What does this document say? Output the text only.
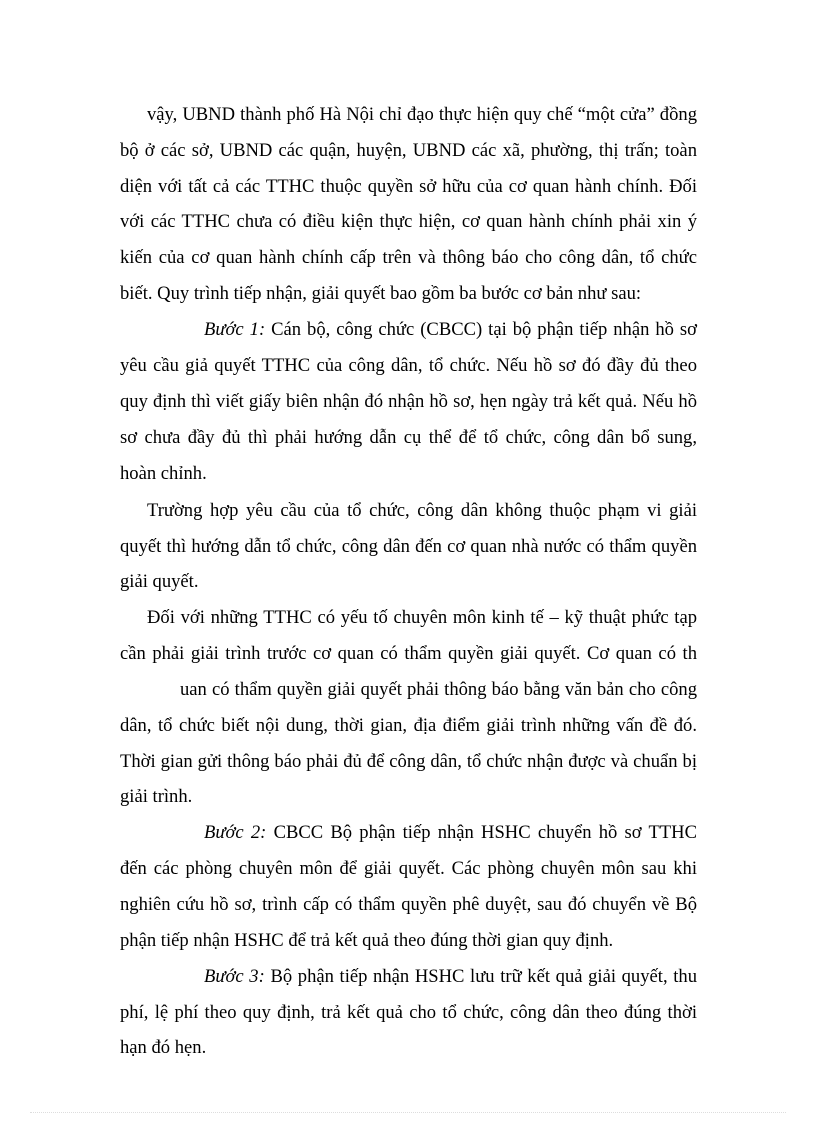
vậy, UBND thành phố Hà Nội chỉ đạo thực hiện quy chế “một cửa” đồng
bộ ở các sở, UBND các quận, huyện, UBND các xã, phường, thị trấn; toàn
diện với tất cả các TTHC thuộc quyền sở hữu của cơ quan hành chính. Đối
với các TTHC chưa có điều kiện thực hiện, cơ quan hành chính phải xin ý
kiến của cơ quan hành chính cấp trên và thông báo cho công dân, tổ chức
biết. Quy trình tiếp nhận, giải quyết bao gồm ba bước cơ bản như sau:
Bước 1: Cán bộ, công chức (CBCC) tại bộ phận tiếp nhận hồ sơ
yêu cầu giả quyết TTHC của công dân, tổ chức. Nếu hồ sơ đó đầy đủ theo
quy định thì viết giấy biên nhận đó nhận hồ sơ, hẹn ngày trả kết quả. Nếu hồ
sơ chưa đầy đủ thì phải hướng dẫn cụ thể để tổ chức, công dân bổ sung,
hoàn chỉnh.
Trường hợp yêu cầu của tổ chức, công dân không thuộc phạm vi giải
quyết thì hướng dẫn tổ chức, công dân đến cơ quan nhà nước có thẩm quyền
giải quyết.
Đối với những TTHC có yếu tố chuyên môn kinh tế – kỹ thuật phức tạp
cần phải giải trình trước cơ quan có thẩm quyền giải quyết. Cơ quan có th
uan có thẩm quyền giải quyết phải thông báo bằng văn bản cho công
dân, tổ chức biết nội dung, thời gian, địa điểm giải trình những vấn đề đó.
Thời gian gửi thông báo phải đủ để công dân, tổ chức nhận được và chuẩn bị
giải trình.
Bước 2: CBCC Bộ phận tiếp nhận HSHC chuyển hồ sơ TTHC
đến các phòng chuyên môn để giải quyết. Các phòng chuyên môn sau khi
nghiên cứu hồ sơ, trình cấp có thẩm quyền phê duyệt, sau đó chuyển về Bộ
phận tiếp nhận HSHC để trả kết quả theo đúng thời gian quy định.
Bước 3: Bộ phận tiếp nhận HSHC lưu trữ kết quả giải quyết, thu
phí, lệ phí theo quy định, trả kết quả cho tổ chức, công dân theo đúng thời
hạn đó hẹn.
